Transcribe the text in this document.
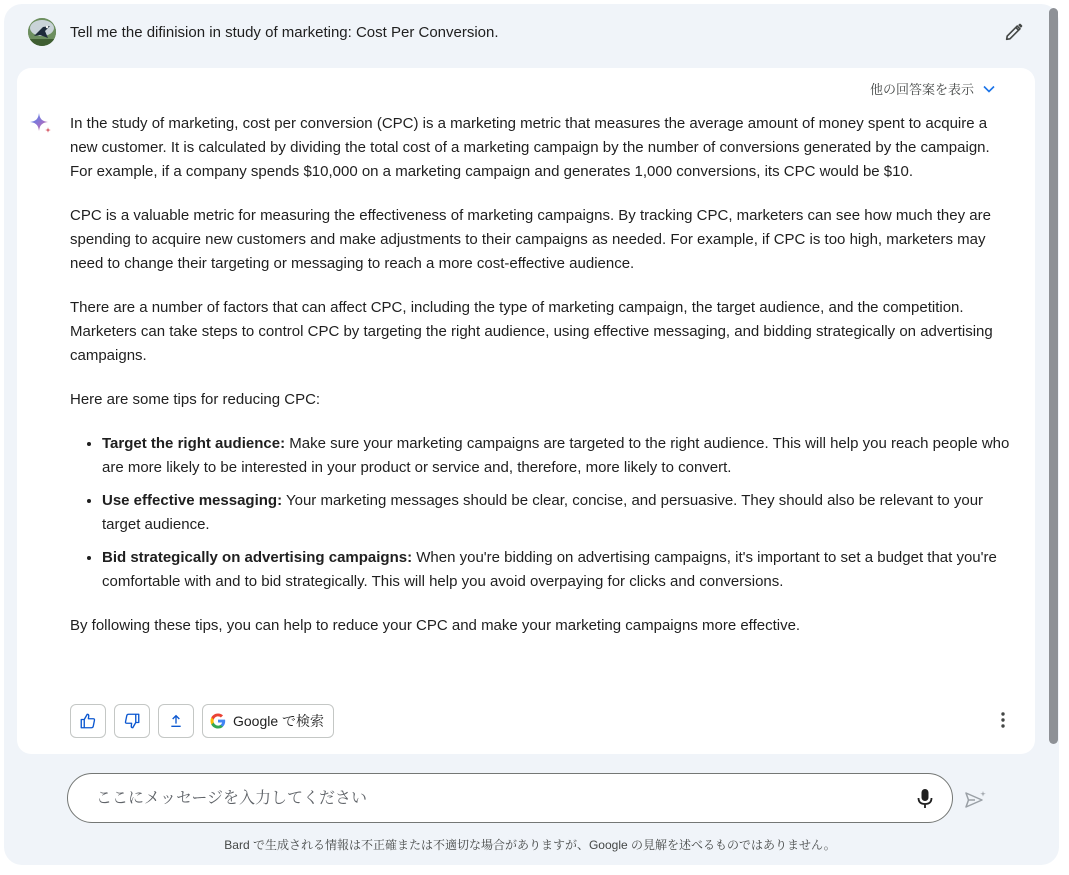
Tell me the difinision in study of marketing: Cost Per Conversion.
他の回答案を表示

In the study of marketing, cost per conversion (CPC) is a marketing metric that measures the average amount of money spent to acquire a new customer. It is calculated by dividing the total cost of a marketing campaign by the number of conversions generated by the campaign. For example, if a company spends $10,000 on a marketing campaign and generates 1,000 conversions, its CPC would be $10.

CPC is a valuable metric for measuring the effectiveness of marketing campaigns. By tracking CPC, marketers can see how much they are spending to acquire new customers and make adjustments to their campaigns as needed. For example, if CPC is too high, marketers may need to change their targeting or messaging to reach a more cost-effective audience.

There are a number of factors that can affect CPC, including the type of marketing campaign, the target audience, and the competition. Marketers can take steps to control CPC by targeting the right audience, using effective messaging, and bidding strategically on advertising campaigns.

Here are some tips for reducing CPC:

• Target the right audience: Make sure your marketing campaigns are targeted to the right audience. This will help you reach people who are more likely to be interested in your product or service and, therefore, more likely to convert.
• Use effective messaging: Your marketing messages should be clear, concise, and persuasive. They should also be relevant to your target audience.
• Bid strategically on advertising campaigns: When you're bidding on advertising campaigns, it's important to set a budget that you're comfortable with and to bid strategically. This will help you avoid overpaying for clicks and conversions.

By following these tips, you can help to reduce your CPC and make your marketing campaigns more effective.

Google で検索
ここにメッセージを入力してください
Bard で生成される情報は不正確または不適切な場合がありますが、Google の見解を述べるものではありません。
